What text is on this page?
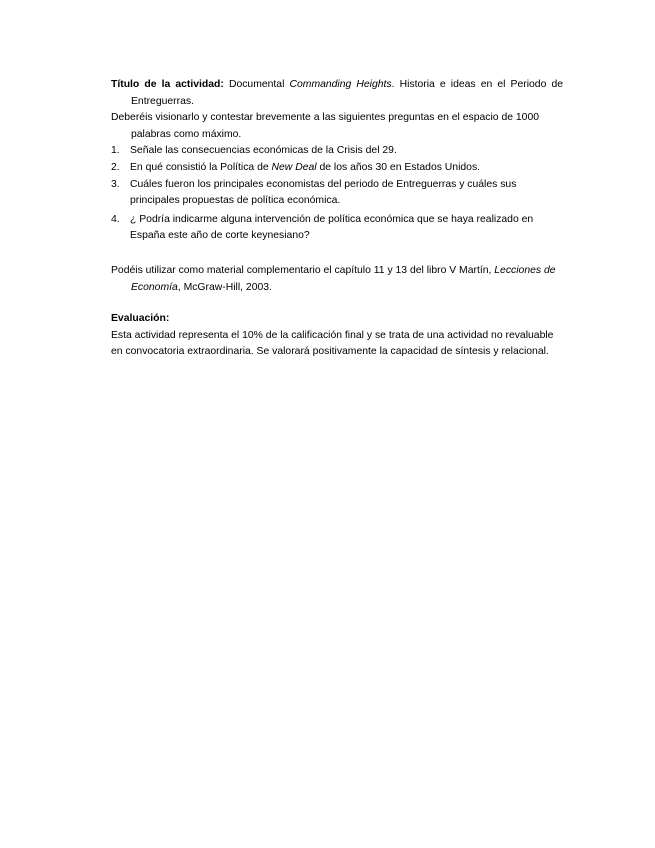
Título de la actividad: Documental Commanding Heights. Historia e ideas en el Periodo de Entreguerras.

Deberéis visionarlo y contestar brevemente a las siguientes preguntas en el espacio de 1000 palabras como máximo.

1. Señale las consecuencias económicas de la Crisis del 29.
2. En qué consistió la Política de New Deal de los años 30 en Estados Unidos.
3. Cuáles fueron los principales economistas del periodo de Entreguerras y cuáles sus principales propuestas de política económica.
4. ¿ Podría indicarme alguna intervención de política económica que se haya realizado en España este año de corte keynesiano?

Podéis utilizar como material complementario el capítulo 11 y 13 del libro V Martín, Lecciones de Economía, McGraw-Hill, 2003.

Evaluación:

Esta actividad representa el 10% de la calificación final y se trata de una actividad no revaluable en convocatoria extraordinaria. Se valorará positivamente la capacidad de síntesis y relacional.
